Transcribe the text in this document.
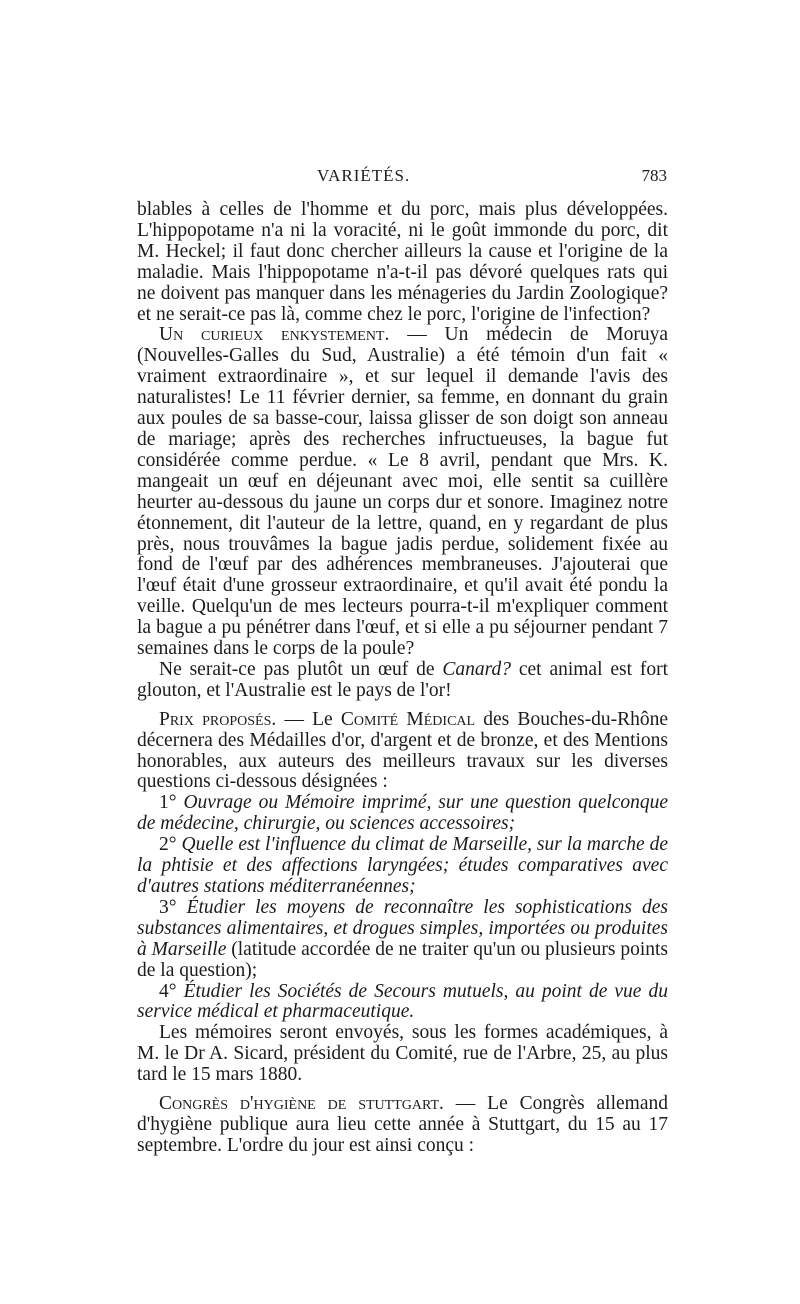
VARIÉTÉS.	783

blables à celles de l'homme et du porc, mais plus développées. L'hippopotame n'a ni la voracité, ni le goût immonde du porc, dit M. Heckel; il faut donc chercher ailleurs la cause et l'origine de la maladie. Mais l'hippopotame n'a-t-il pas dévoré quelques rats qui ne doivent pas manquer dans les ménageries du Jardin Zoologique? et ne serait-ce pas là, comme chez le porc, l'origine de l'infection?

Un curieux enkystement. — Un médecin de Moruya (Nouvelles-Galles du Sud, Australie) a été témoin d'un fait « vraiment extraordinaire », et sur lequel il demande l'avis des naturalistes! Le 11 février dernier, sa femme, en donnant du grain aux poules de sa basse-cour, laissa glisser de son doigt son anneau de mariage; après des recherches infructueuses, la bague fut considérée comme perdue. « Le 8 avril, pendant que Mrs. K. mangeait un œuf en déjeunant avec moi, elle sentit sa cuillère heurter au-dessous du jaune un corps dur et sonore. Imaginez notre étonnement, dit l'auteur de la lettre, quand, en y regardant de plus près, nous trouvâmes la bague jadis perdue, solidement fixée au fond de l'œuf par des adhérences membraneuses. J'ajouterai que l'œuf était d'une grosseur extraordinaire, et qu'il avait été pondu la veille. Quelqu'un de mes lecteurs pourra-t-il m'expliquer comment la bague a pu pénétrer dans l'œuf, et si elle a pu séjourner pendant 7 semaines dans le corps de la poule?

Ne serait-ce pas plutôt un œuf de Canard? cet animal est fort glouton, et l'Australie est le pays de l'or!

Prix proposés. — Le Comité Médical des Bouches-du-Rhône décernera des Médailles d'or, d'argent et de bronze, et des Mentions honorables, aux auteurs des meilleurs travaux sur les diverses questions ci-dessous désignées :

1° Ouvrage ou Mémoire imprimé, sur une question quelconque de médecine, chirurgie, ou sciences accessoires;

2° Quelle est l'influence du climat de Marseille, sur la marche de la phtisie et des affections laryngées; études comparatives avec d'autres stations méditerranéennes;

3° Étudier les moyens de reconnaître les sophistications des substances alimentaires, et drogues simples, importées ou produites à Marseille (latitude accordée de ne traiter qu'un ou plusieurs points de la question);

4° Étudier les Sociétés de Secours mutuels, au point de vue du service médical et pharmaceutique.

Les mémoires seront envoyés, sous les formes académiques, à M. le Dr A. Sicard, président du Comité, rue de l'Arbre, 25, au plus tard le 15 mars 1880.

Congrès d'hygiène de stuttgart. — Le Congrès allemand d'hygiène publique aura lieu cette année à Stuttgart, du 15 au 17 septembre. L'ordre du jour est ainsi conçu :
